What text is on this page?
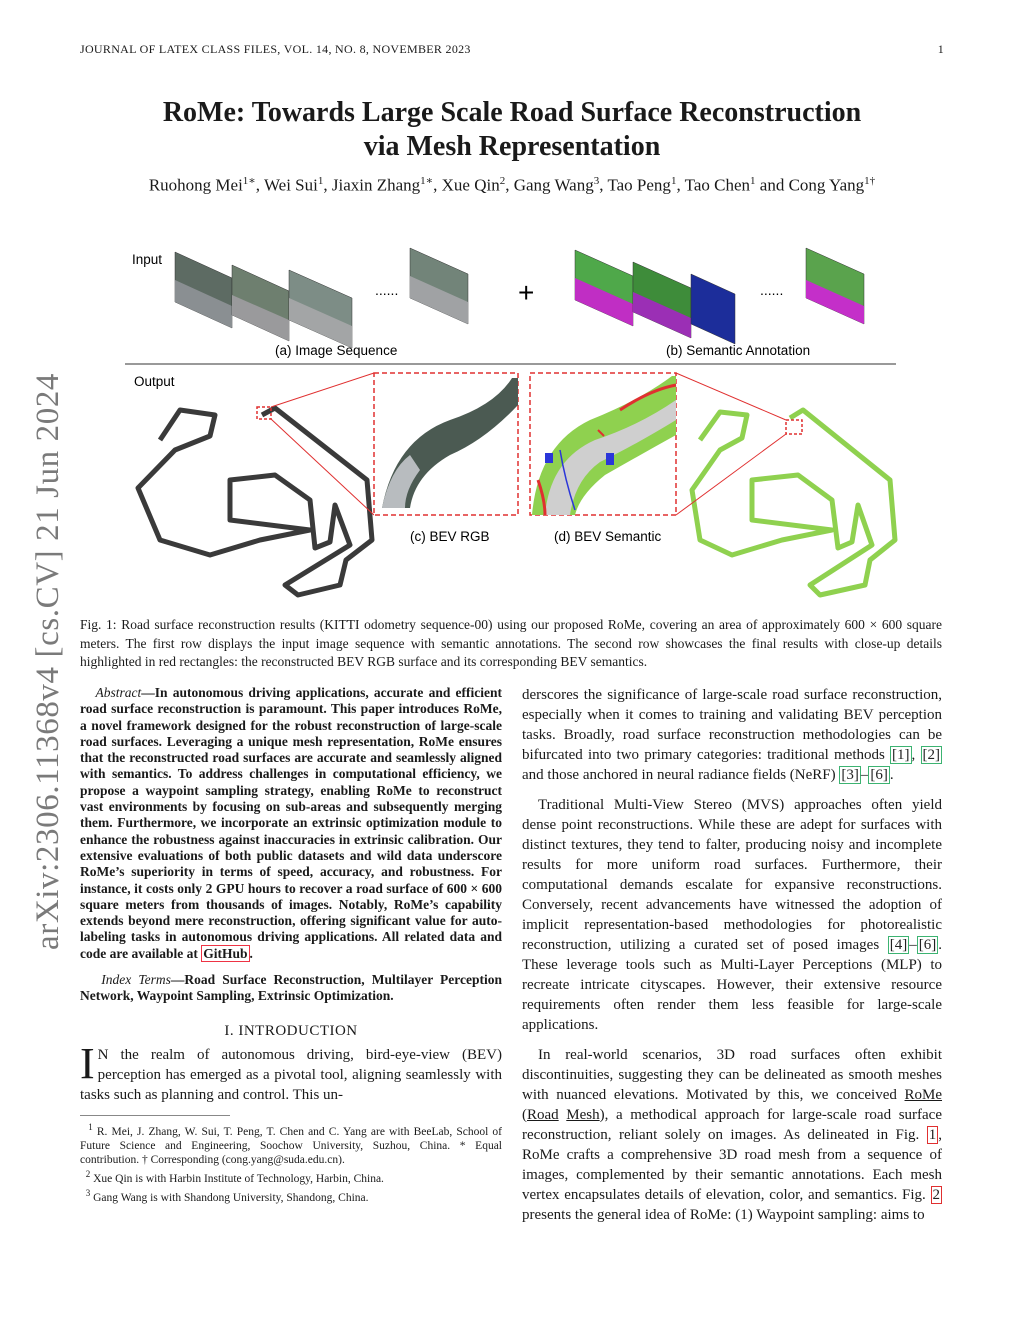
JOURNAL OF LATEX CLASS FILES, VOL. 14, NO. 8, NOVEMBER 2023	1
RoMe: Towards Large Scale Road Surface Reconstruction
via Mesh Representation
Ruohong Mei$^{1∗}$, Wei Sui$^1$, Jiaxin Zhang$^{1∗}$, Xue Qin$^2$, Gang Wang$^3$, Tao Peng$^1$, Tao Chen$^1$ and Cong Yang$^{1\dagger}$
arXiv:2306.11368v4 [cs.CV] 21 Jun 2024
Input
......	+	......
(a) Image Sequence	(b) Semantic Annotation
Output
(c) BEV RGB	(d) BEV Semantic
Fig. 1: Road surface reconstruction results (KITTI odometry sequence-00) using our proposed RoMe, covering an area of approximately 600 × 600 square meters. The first row displays the input image sequence with semantic annotations. The second row showcases the final results with close-up details highlighted in red rectangles: the reconstructed BEV RGB surface and its corresponding BEV semantics.
Abstract—In autonomous driving applications, accurate and efficient road surface reconstruction is paramount. This paper introduces RoMe, a novel framework designed for the robust reconstruction of large-scale road surfaces. Leveraging a unique mesh representation, RoMe ensures that the reconstructed road surfaces are accurate and seamlessly aligned with semantics. To address challenges in computational efficiency, we propose a waypoint sampling strategy, enabling RoMe to reconstruct vast environments by focusing on sub-areas and subsequently merging them. Furthermore, we incorporate an extrinsic optimization module to enhance the robustness against inaccuracies in extrinsic calibration. Our extensive evaluations of both public datasets and wild data underscore RoMe’s superiority in terms of speed, accuracy, and robustness. For instance, it costs only 2 GPU hours to recover a road surface of 600 × 600 square meters from thousands of images. Notably, RoMe’s capability extends beyond mere reconstruction, offering significant value for auto-labeling tasks in autonomous driving applications. All related data and code are available at GitHub .
Index Terms—Road Surface Reconstruction, Multilayer Perception Network, Waypoint Sampling, Extrinsic Optimization.
I. INTRODUCTION
I N the realm of autonomous driving, bird-eye-view (BEV) perception has emerged as a pivotal tool, aligning seamlessly with tasks such as planning and control. This un-
$^1$ R. Mei, J. Zhang, W. Sui, T. Peng, T. Chen and C. Yang are with BeeLab, School of Future Science and Engineering, Soochow University, Suzhou, China. * Equal contribution. † Corresponding (cong.yang@suda.edu.cn).
$^2$ Xue Qin is with Harbin Institute of Technology, Harbin, China.
$^3$ Gang Wang is with Shandong University, Shandong, China.

derscores the significance of large-scale road surface reconstruction, especially when it comes to training and validating BEV perception tasks. Broadly, road surface reconstruction methodologies can be bifurcated into two primary categories: traditional methods [1] , [2] and those anchored in neural radiance fields (NeRF) [3] – [6] .

Traditional Multi-View Stereo (MVS) approaches often yield dense point reconstructions. While these are adept for surfaces with distinct textures, they tend to falter, producing noisy and incomplete results for more uniform road surfaces. Furthermore, their computational demands escalate for expansive reconstructions. Conversely, recent advancements have witnessed the adoption of implicit representation-based methodologies for photorealistic reconstruction, utilizing a curated set of posed images [4] – [6] . These leverage tools such as Multi-Layer Perceptions (MLP) to recreate intricate cityscapes. However, their extensive resource requirements often render them less feasible for large-scale applications.

In real-world scenarios, 3D road surfaces often exhibit discontinuities, suggesting they can be delineated as smooth meshes with nuanced elevations. Motivated by this, we conceived RoMe (Road Mesh), a methodical approach for large-scale road surface reconstruction, reliant solely on images. As delineated in Fig. 1 , RoMe crafts a comprehensive 3D road mesh from a sequence of images, complemented by their semantic annotations. Each mesh vertex encapsulates details of elevation, color, and semantics. Fig. 2 presents the general idea of RoMe: (1) Waypoint sampling: aims to
